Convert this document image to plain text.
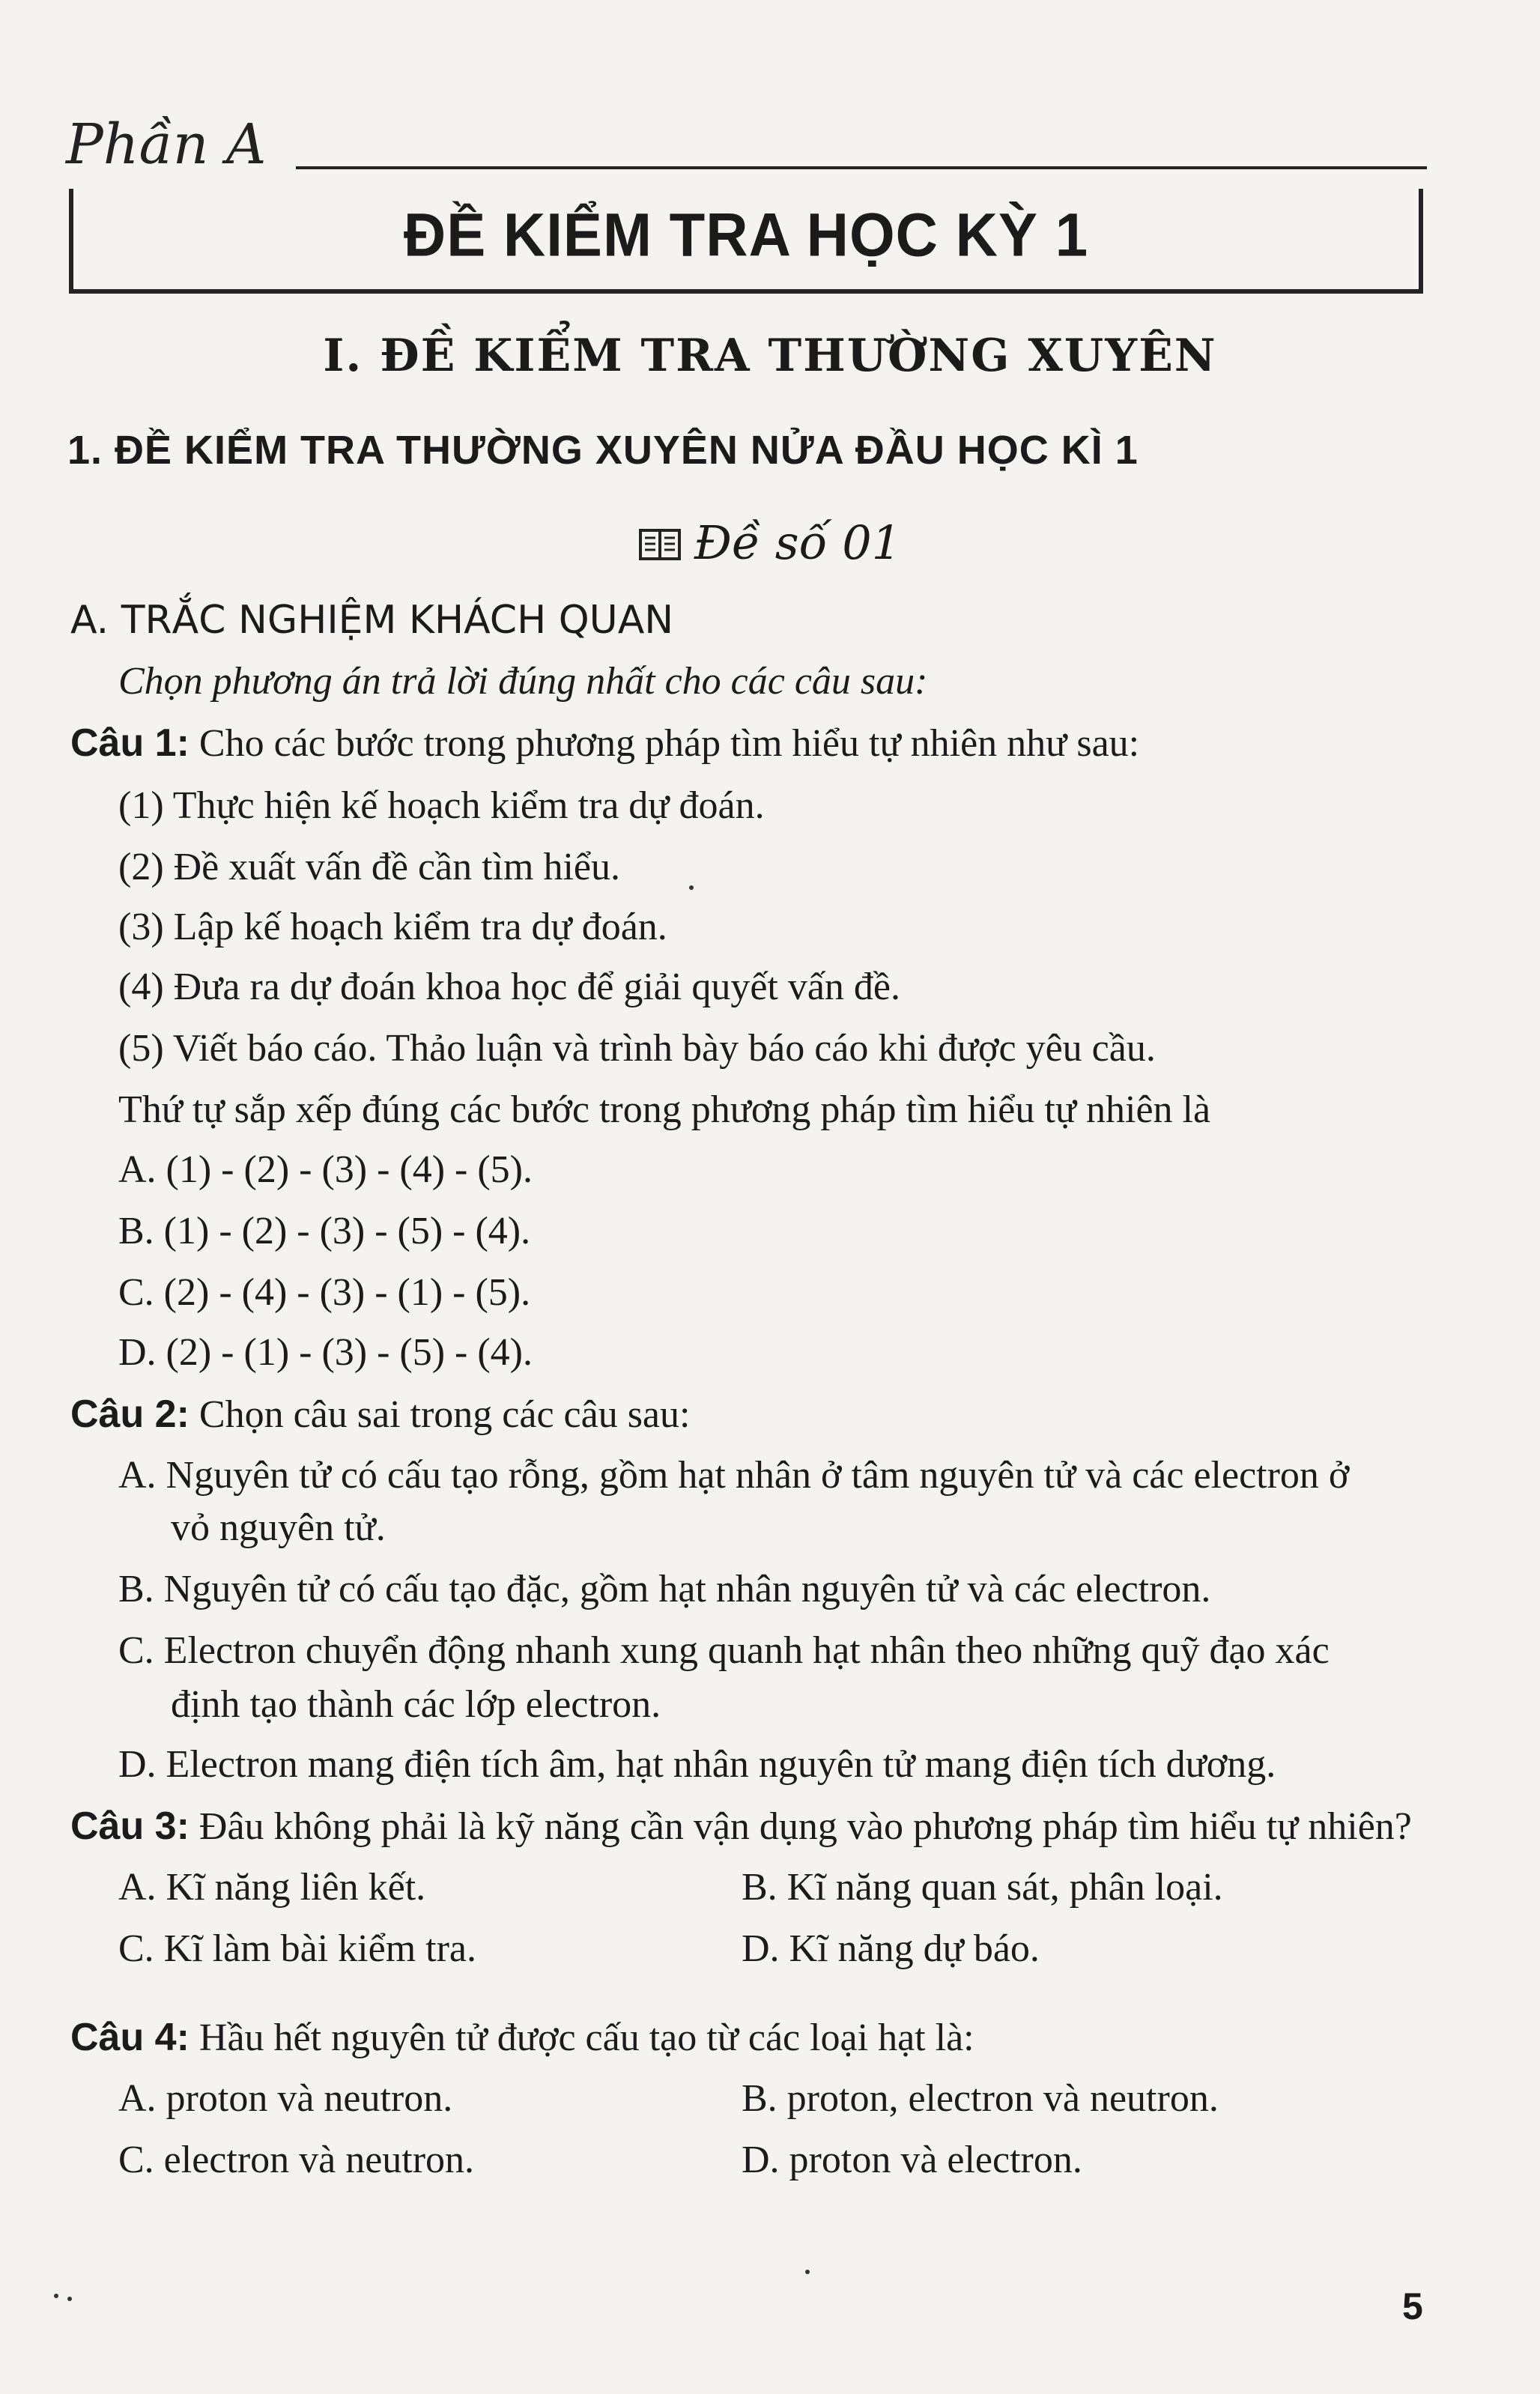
Phần A
ĐỀ KIỂM TRA HỌC KỲ 1
I. ĐỀ KIỂM TRA THƯỜNG XUYÊN
1. ĐỀ KIỂM TRA THƯỜNG XUYÊN NỬA ĐẦU HỌC KÌ 1
Đề số 01
A. TRẮC NGHIỆM KHÁCH QUAN
Chọn phương án trả lời đúng nhất cho các câu sau:
Câu 1: Cho các bước trong phương pháp tìm hiểu tự nhiên như sau:
(1) Thực hiện kế hoạch kiểm tra dự đoán.
(2) Đề xuất vấn đề cần tìm hiểu.
(3) Lập kế hoạch kiểm tra dự đoán.
(4) Đưa ra dự đoán khoa học để giải quyết vấn đề.
(5) Viết báo cáo. Thảo luận và trình bày báo cáo khi được yêu cầu.
Thứ tự sắp xếp đúng các bước trong phương pháp tìm hiểu tự nhiên là
A. (1) - (2) - (3) - (4) - (5).
B. (1) - (2) - (3) - (5) - (4).
C. (2) - (4) - (3) - (1) - (5).
D. (2) - (1) - (3) - (5) - (4).
Câu 2: Chọn câu sai trong các câu sau:
A. Nguyên tử có cấu tạo rỗng, gồm hạt nhân ở tâm nguyên tử và các electron ở
vỏ nguyên tử.
B. Nguyên tử có cấu tạo đặc, gồm hạt nhân nguyên tử và các electron.
C. Electron chuyển động nhanh xung quanh hạt nhân theo những quỹ đạo xác
định tạo thành các lớp electron.
D. Electron mang điện tích âm, hạt nhân nguyên tử mang điện tích dương.
Câu 3: Đâu không phải là kỹ năng cần vận dụng vào phương pháp tìm hiểu tự nhiên?
A. Kĩ năng liên kết.	B. Kĩ năng quan sát, phân loại.
C. Kĩ làm bài kiểm tra.	D. Kĩ năng dự báo.
Câu 4: Hầu hết nguyên tử được cấu tạo từ các loại hạt là:
A. proton và neutron.	B. proton, electron và neutron.
C. electron và neutron.	D. proton và electron.
5
